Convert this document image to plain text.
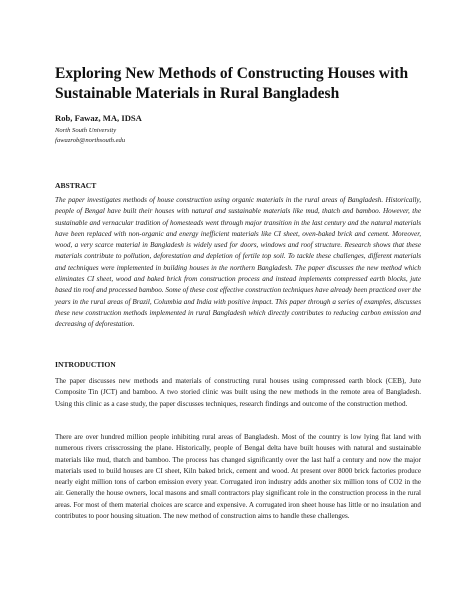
Exploring New Methods of Constructing Houses with Sustainable Materials in Rural Bangladesh
Rob, Fawaz, MA, IDSA
North South University
fawazrob@northsouth.edu
ABSTRACT

The paper investigates methods of house construction using organic materials in the rural areas of Bangladesh. Historically, people of Bengal have built their houses with natural and sustainable materials like mud, thatch and bamboo. However, the sustainable and vernacular tradition of homesteads went through major transition in the last century and the natural materials have been replaced with non-organic and energy inefficient materials like CI sheet, oven-baked brick and cement. Moreover, wood, a very scarce material in Bangladesh is widely used for doors, windows and roof structure. Research shows that these materials contribute to pollution, deforestation and depletion of fertile top soil. To tackle these challenges, different materials and techniques were implemented in building houses in the northern Bangladesh. The paper discusses the new method which eliminates CI sheet, wood and baked brick from construction process and instead implements compressed earth blocks, jute based tin roof and processed bamboo. Some of these cost effective construction techniques have already been practiced over the years in the rural areas of Brazil, Columbia and India with positive impact. This paper through a series of examples, discusses these new construction methods implemented in rural Bangladesh which directly contributes to reducing carbon emission and decreasing of deforestation.

INTRODUCTION

The paper discusses new methods and materials of constructing rural houses using compressed earth block (CEB), Jute Composite Tin (JCT) and bamboo. A two storied clinic was built using the new methods in the remote area of Bangladesh. Using this clinic as a case study, the paper discusses techniques, research findings and outcome of the construction method.

There are over hundred million people inhibiting rural areas of Bangladesh. Most of the country is low lying flat land with numerous rivers crisscrossing the plane. Historically, people of Bengal delta have built houses with natural and sustainable materials like mud, thatch and bamboo. The process has changed significantly over the last half a century and now the major materials used to build houses are CI sheet, Kiln baked brick, cement and wood. At present over 8000 brick factories produce nearly eight million tons of carbon emission every year. Corrugated iron industry adds another six million tons of CO2 in the air. Generally the house owners, local masons and small contractors play significant role in the construction process in the rural areas. For most of them material choices are scarce and expensive. A corrugated iron sheet house has little or no insulation and contributes to poor housing situation. The new method of construction aims to handle these challenges.
